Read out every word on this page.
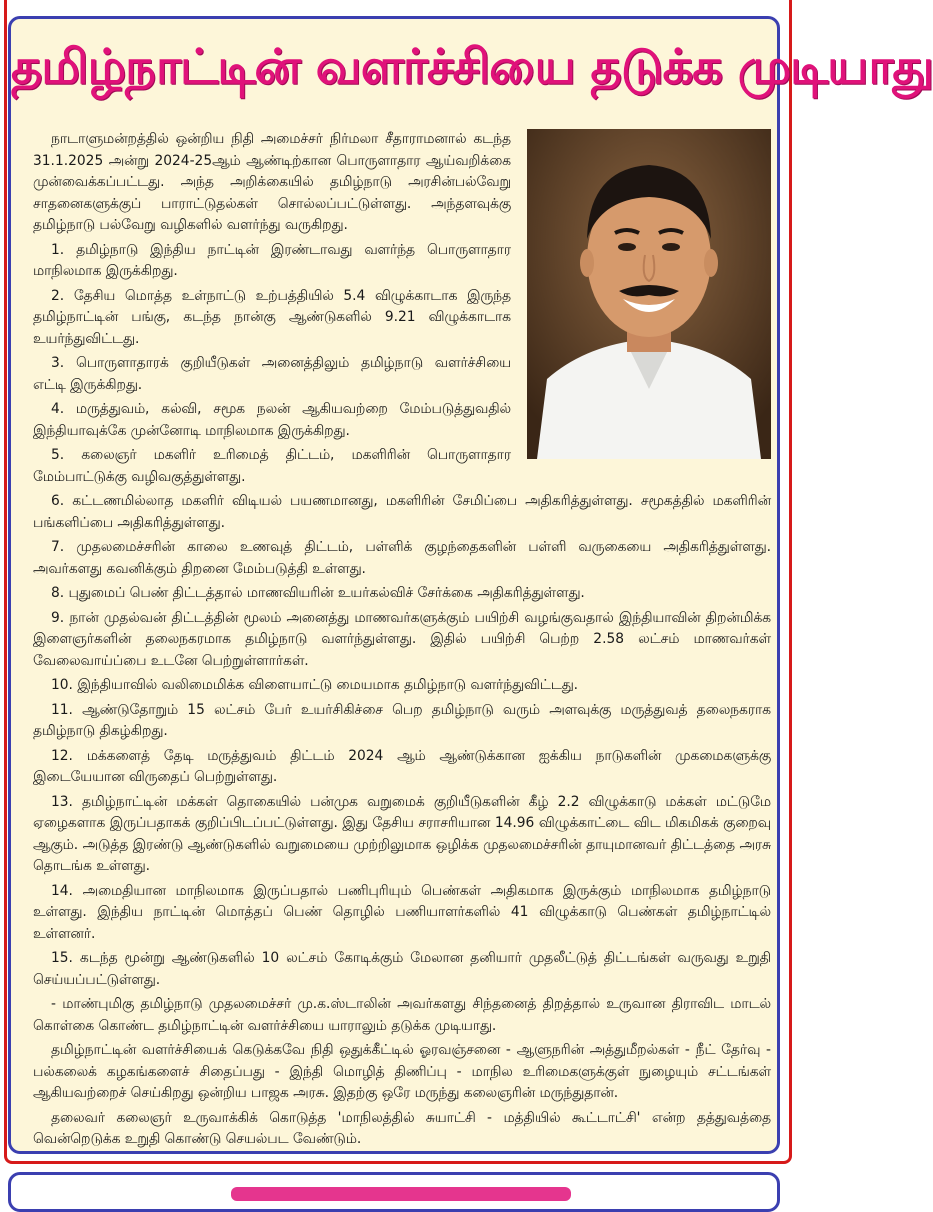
தமிழ்நாட்டின் வளர்ச்சியை தடுக்க முடியாது

நாடாளுமன்றத்தில் ஒன்றிய நிதி அமைச்சர் நிர்மலா சீதாராமனால் கடந்த 31.1.2025 அன்று 2024-25ஆம் ஆண்டிற்கான பொருளாதார ஆய்வறிக்கை முன்வைக்கப்பட்டது. அந்த அறிக்கையில் தமிழ்நாடு அரசின்பல்வேறு சாதனைகளுக்குப் பாராட்டுதல்கள் சொல்லப்பட்டுள்ளது. அந்தளவுக்கு தமிழ்நாடு பல்வேறு வழிகளில் வளர்ந்து வருகிறது.

1. தமிழ்நாடு இந்திய நாட்டின் இரண்டாவது வளர்ந்த பொருளாதார மாநிலமாக இருக்கிறது.

2. தேசிய மொத்த உள்நாட்டு உற்பத்தியில் 5.4 விழுக்காடாக இருந்த தமிழ்நாட்டின் பங்கு, கடந்த நான்கு ஆண்டுகளில் 9.21 விழுக்காடாக உயர்ந்துவிட்டது.

3. பொருளாதாரக் குறியீடுகள் அனைத்திலும் தமிழ்நாடு வளர்ச்சியை எட்டி இருக்கிறது.

4. மருத்துவம், கல்வி, சமூக நலன் ஆகியவற்றை மேம்படுத்துவதில் இந்தியாவுக்கே முன்னோடி மாநிலமாக இருக்கிறது.

5. கலைஞர் மகளிர் உரிமைத் திட்டம், மகளிரின் பொருளாதார மேம்பாட்டுக்கு வழிவகுத்துள்ளது.

6. கட்டணமில்லாத மகளிர் விடியல் பயணமானது, மகளிரின் சேமிப்பை அதிகரித்துள்ளது. சமூகத்தில் மகளிரின் பங்களிப்பை அதிகரித்துள்ளது.

7. முதலமைச்சரின் காலை உணவுத் திட்டம், பள்ளிக் குழந்தைகளின் பள்ளி வருகையை அதிகரித்துள்ளது. அவர்களது கவனிக்கும் திறனை மேம்படுத்தி உள்ளது.

8. புதுமைப் பெண் திட்டத்தால் மாணவியரின் உயர்கல்விச் சேர்க்கை அதிகரித்துள்ளது.

9. நான் முதல்வன் திட்டத்தின் மூலம் அனைத்து மாணவர்களுக்கும் பயிற்சி வழங்குவதால் இந்தியாவின் திறன்மிக்க இளைஞர்களின் தலைநகரமாக தமிழ்நாடு வளர்ந்துள்ளது. இதில் பயிற்சி பெற்ற 2.58 லட்சம் மாணவர்கள் வேலைவாய்ப்பை உடனே பெற்றுள்ளார்கள்.

10. இந்தியாவில் வலிமைமிக்க விளையாட்டு மையமாக தமிழ்நாடு வளர்ந்துவிட்டது.

11. ஆண்டுதோறும் 15 லட்சம் பேர் உயர்சிகிச்சை பெற தமிழ்நாடு வரும் அளவுக்கு மருத்துவத் தலைநகராக தமிழ்நாடு திகழ்கிறது.

12. மக்களைத் தேடி மருத்துவம் திட்டம் 2024 ஆம் ஆண்டுக்கான ஐக்கிய நாடுகளின் முகமைகளுக்கு இடையேயான விருதைப் பெற்றுள்ளது.

13. தமிழ்நாட்டின் மக்கள் தொகையில் பன்முக வறுமைக் குறியீடுகளின் கீழ் 2.2 விழுக்காடு மக்கள் மட்டுமே ஏழைகளாக இருப்பதாகக் குறிப்பிடப்பட்டுள்ளது. இது தேசிய சராசரியான 14.96 விழுக்காட்டை விட மிகமிகக் குறைவு ஆகும். அடுத்த இரண்டு ஆண்டுகளில் வறுமையை முற்றிலுமாக ஒழிக்க முதலமைச்சரின் தாயுமானவர் திட்டத்தை அரசு தொடங்க உள்ளது.

14. அமைதியான மாநிலமாக இருப்பதால் பணிபுரியும் பெண்கள் அதிகமாக இருக்கும் மாநிலமாக தமிழ்நாடு உள்ளது. இந்திய நாட்டின் மொத்தப் பெண் தொழில் பணியாளர்களில் 41 விழுக்காடு பெண்கள் தமிழ்நாட்டில் உள்ளனர்.

15. கடந்த மூன்று ஆண்டுகளில் 10 லட்சம் கோடிக்கும் மேலான தனியார் முதலீட்டுத் திட்டங்கள் வருவது உறுதி செய்யப்பட்டுள்ளது.

- மாண்புமிகு தமிழ்நாடு முதலமைச்சர் மு.க.ஸ்டாலின் அவர்களது சிந்தனைத் திறத்தால் உருவான திராவிட மாடல் கொள்கை கொண்ட தமிழ்நாட்டின் வளர்ச்சியை யாராலும் தடுக்க முடியாது.

தமிழ்நாட்டின் வளர்ச்சியைக் கெடுக்கவே நிதி ஒதுக்கீட்டில் ஓரவஞ்சனை - ஆளுநரின் அத்துமீறல்கள் - நீட் தேர்வு - பல்கலைக் கழகங்களைச் சிதைப்பது - இந்தி மொழித் திணிப்பு - மாநில உரிமைகளுக்குள் நுழையும் சட்டங்கள் ஆகியவற்றைச் செய்கிறது ஒன்றிய பாஜக அரசு. இதற்கு ஒரே மருந்து கலைஞரின் மருந்துதான்.

தலைவர் கலைஞர் உருவாக்கிக் கொடுத்த 'மாநிலத்தில் சுயாட்சி - மத்தியில் கூட்டாட்சி' என்ற தத்துவத்தை வென்றெடுக்க உறுதி கொண்டு செயல்பட வேண்டும்.
